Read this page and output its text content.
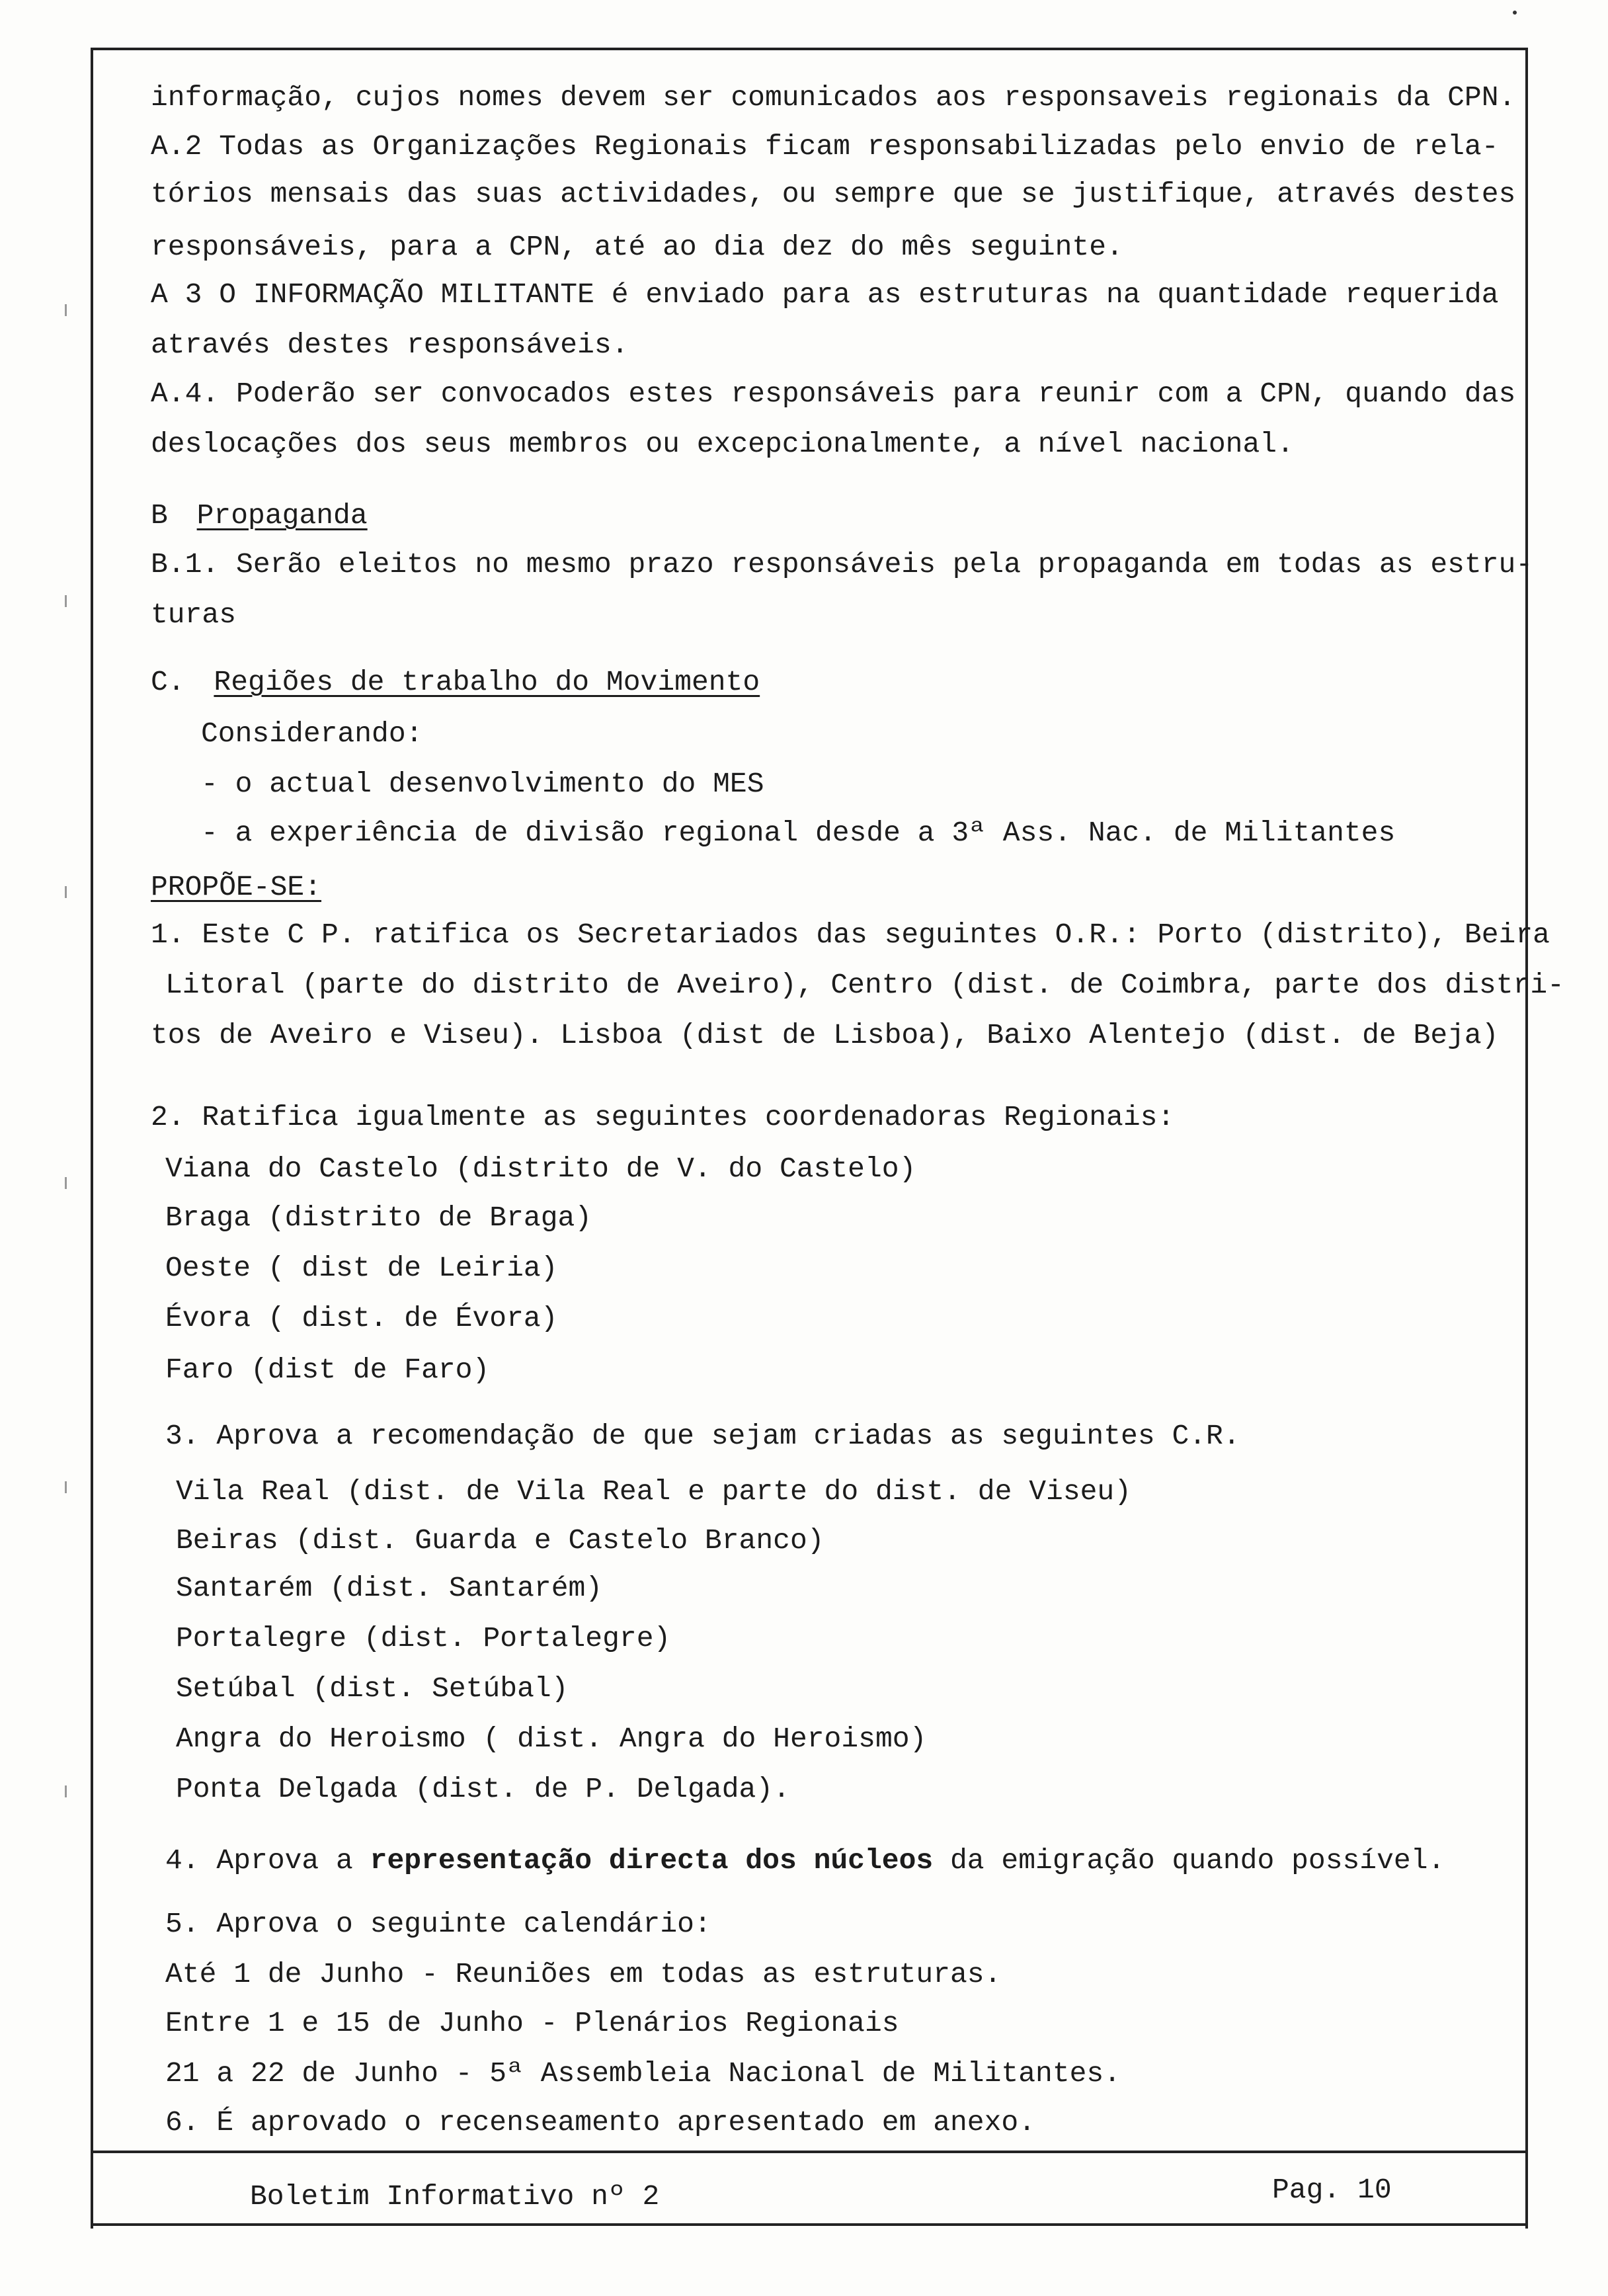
informação, cujos nomes devem ser comunicados aos responsaveis regionais da CPN.
A.2 Todas as Organizações Regionais ficam responsabilizadas pelo envio de rela-
tórios mensais das suas actividades, ou sempre que se justifique, através destes
responsáveis, para a CPN, até ao dia dez do mês seguinte.
A 3 O INFORMAÇÃO MILITANTE é enviado para as estruturas na quantidade requerida
através destes responsáveis.
A.4. Poderão ser convocados estes responsáveis para reunir com a CPN, quando das
deslocações dos seus membros ou excepcionalmente, a nível nacional.
B Propaganda
B.1. Serão eleitos no mesmo prazo responsáveis pela propaganda em todas as estru-
turas
C. Regiões de trabalho do Movimento
Considerando:
- o actual desenvolvimento do MES
- a experiência de divisão regional desde a 3ª Ass. Nac. de Militantes
PROPÕE-SE:
1. Este C P. ratifica os Secretariados das seguintes O.R.: Porto (distrito), Beira
Litoral (parte do distrito de Aveiro), Centro (dist. de Coimbra, parte dos distri-
tos de Aveiro e Viseu). Lisboa (dist de Lisboa), Baixo Alentejo (dist. de Beja)
2. Ratifica igualmente as seguintes coordenadoras Regionais:
Viana do Castelo (distrito de V. do Castelo)
Braga (distrito de Braga)
Oeste ( dist de Leiria)
Évora ( dist. de Évora)
Faro (dist de Faro)
3. Aprova a recomendação de que sejam criadas as seguintes C.R.
Vila Real (dist. de Vila Real e parte do dist. de Viseu)
Beiras (dist. Guarda e Castelo Branco)
Santarém (dist. Santarém)
Portalegre (dist. Portalegre)
Setúbal (dist. Setúbal)
Angra do Heroismo ( dist. Angra do Heroismo)
Ponta Delgada (dist. de P. Delgada).
4. Aprova a representação directa dos núcleos da emigração quando possível.
5. Aprova o seguinte calendário:
Até 1 de Junho - Reuniões em todas as estruturas.
Entre 1 e 15 de Junho - Plenários Regionais
21 a 22 de Junho - 5ª Assembleia Nacional de Militantes.
6. É aprovado o recenseamento apresentado em anexo.
Boletim Informativo nº 2	Pag. 10
